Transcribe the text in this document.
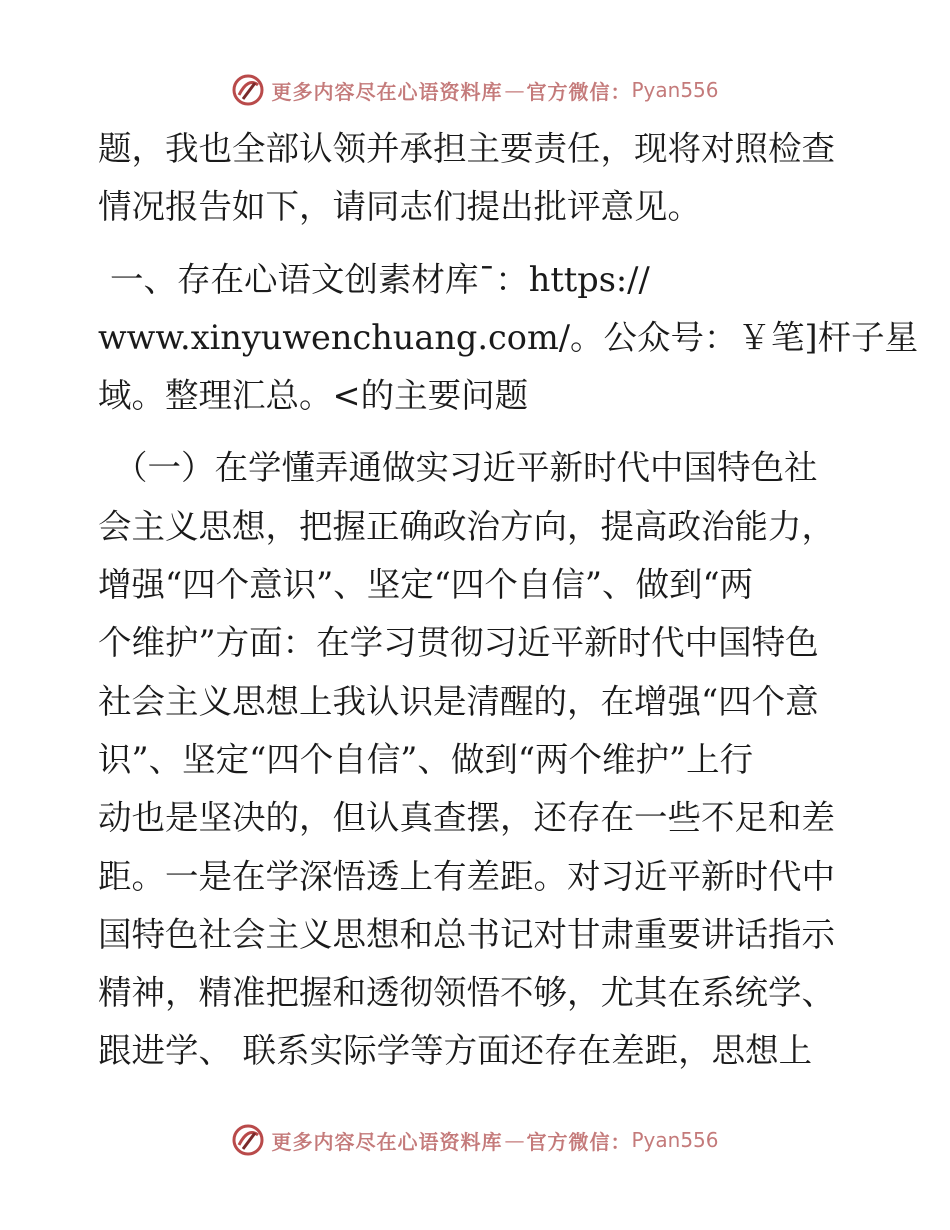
更多内容尽在心语资料库 — 官方微信： Pyan556
题，我也全部认领并承担主要责任，现将对照检查
情况报告如下，请同志们提出批评意见。
一、存在心语文创素材库¯：https://
www.xinyuwenchuang.com/。公众号：￥笔]杆子星
域。整理汇总。<的主要问题
（一）在学懂弄通做实习近平新时代中国特色社
会主义思想，把握正确政治方向，提高政治能力，
增强“四个意识”、坚定“四个自信”、做到“两
个维护”方面：在学习贯彻习近平新时代中国特色
社会主义思想上我认识是清醒的，在增强“四个意
识”、坚定“四个自信”、做到“两个维护”上行
动也是坚决的，但认真查摆，还存在一些不足和差
距。一是在学深悟透上有差距。对习近平新时代中
国特色社会主义思想和总书记对甘肃重要讲话指示
精神，精准把握和透彻领悟不够，尤其在系统学、
跟进学、 联系实际学等方面还存在差距，思想上
更多内容尽在心语资料库 — 官方微信： Pyan556
